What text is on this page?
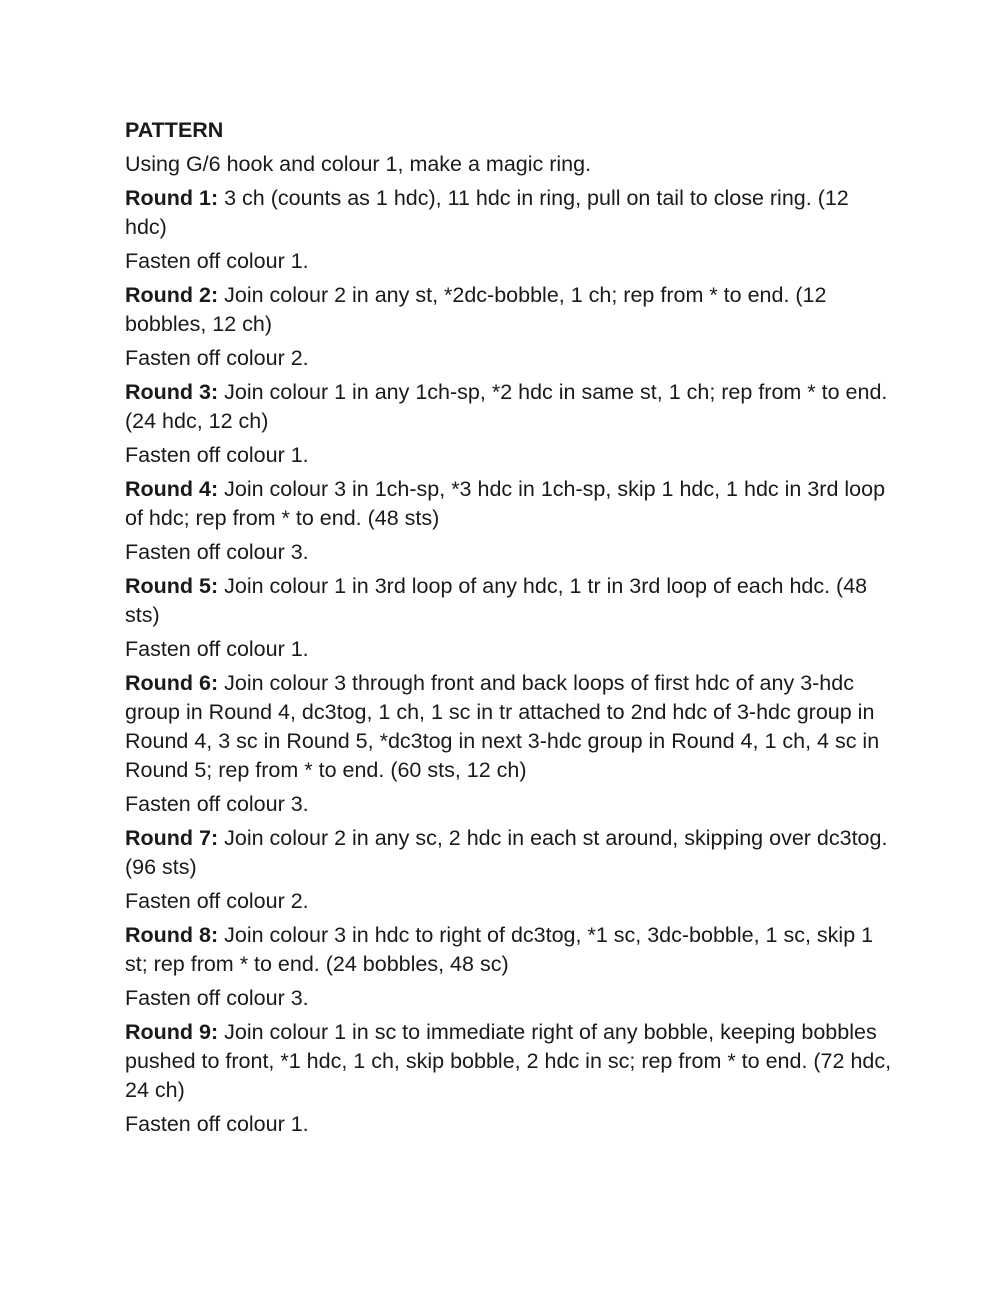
PATTERN
Using G/6 hook and colour 1, make a magic ring.
Round 1: 3 ch (counts as 1 hdc), 11 hdc in ring, pull on tail to close ring. (12 hdc)
Fasten off colour 1.
Round 2: Join colour 2 in any st, *2dc-bobble, 1 ch; rep from * to end. (12 bobbles, 12 ch)
Fasten off colour 2.
Round 3: Join colour 1 in any 1ch-sp, *2 hdc in same st, 1 ch; rep from * to end. (24 hdc, 12 ch)
Fasten off colour 1.
Round 4: Join colour 3 in 1ch-sp, *3 hdc in 1ch-sp, skip 1 hdc, 1 hdc in 3rd loop of hdc; rep from * to end. (48 sts)
Fasten off colour 3.
Round 5: Join colour 1 in 3rd loop of any hdc, 1 tr in 3rd loop of each hdc. (48 sts)
Fasten off colour 1.
Round 6: Join colour 3 through front and back loops of first hdc of any 3-hdc group in Round 4, dc3tog, 1 ch, 1 sc in tr attached to 2nd hdc of 3-hdc group in Round 4, 3 sc in Round 5, *dc3tog in next 3-hdc group in Round 4, 1 ch, 4 sc in Round 5; rep from * to end. (60 sts, 12 ch)
Fasten off colour 3.
Round 7: Join colour 2 in any sc, 2 hdc in each st around, skipping over dc3tog. (96 sts)
Fasten off colour 2.
Round 8: Join colour 3 in hdc to right of dc3tog, *1 sc, 3dc-bobble, 1 sc, skip 1 st; rep from * to end. (24 bobbles, 48 sc)
Fasten off colour 3.
Round 9: Join colour 1 in sc to immediate right of any bobble, keeping bobbles pushed to front, *1 hdc, 1 ch, skip bobble, 2 hdc in sc; rep from * to end. (72 hdc, 24 ch)
Fasten off colour 1.
